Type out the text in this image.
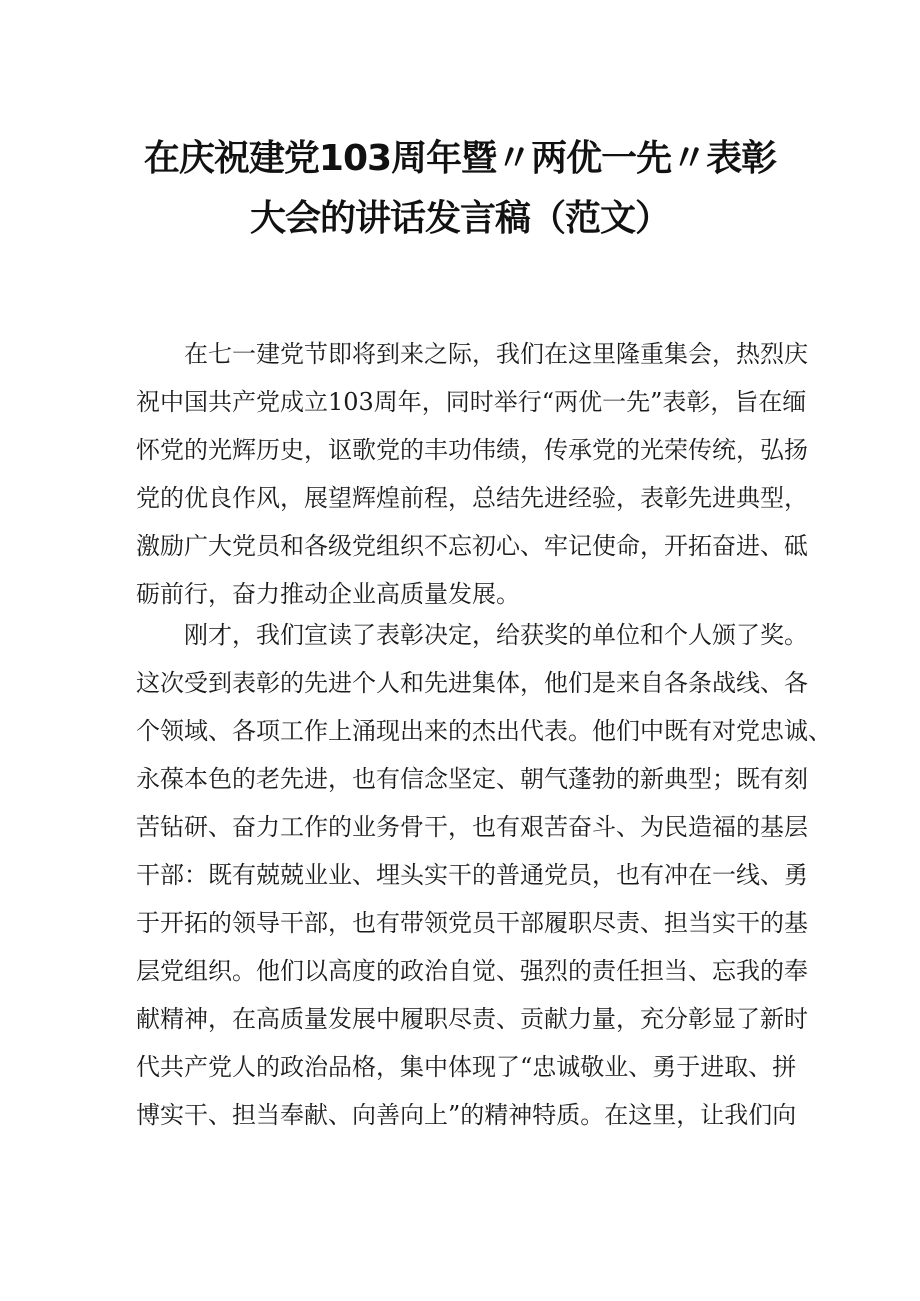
在庆祝建党103周年暨〃两优一先〃表彰
大会的讲话发言稿（范文）
在七一建党节即将到来之际，我们在这里隆重集会，热烈庆
祝中国共产党成立103周年，同时举行“两优一先”表彰，旨在缅
怀党的光辉历史，讴歌党的丰功伟绩，传承党的光荣传统，弘扬
党的优良作风，展望辉煌前程，总结先进经验，表彰先进典型，
激励广大党员和各级党组织不忘初心、牢记使命，开拓奋进、砥
砺前行，奋力推动企业高质量发展。
刚才，我们宣读了表彰决定，给获奖的单位和个人颁了奖。
这次受到表彰的先进个人和先进集体，他们是来自各条战线、各
个领域、各项工作上涌现出来的杰出代表。他们中既有对党忠诚、
永葆本色的老先进，也有信念坚定、朝气蓬勃的新典型；既有刻
苦钻研、奋力工作的业务骨干，也有艰苦奋斗、为民造福的基层
干部：既有兢兢业业、埋头实干的普通党员，也有冲在一线、勇
于开拓的领导干部，也有带领党员干部履职尽责、担当实干的基
层党组织。他们以高度的政治自觉、强烈的责任担当、忘我的奉
献精神，在高质量发展中履职尽责、贡献力量，充分彰显了新时
代共产党人的政治品格，集中体现了“忠诚敬业、勇于进取、拼
博实干、担当奉献、向善向上”的精神特质。在这里，让我们向
